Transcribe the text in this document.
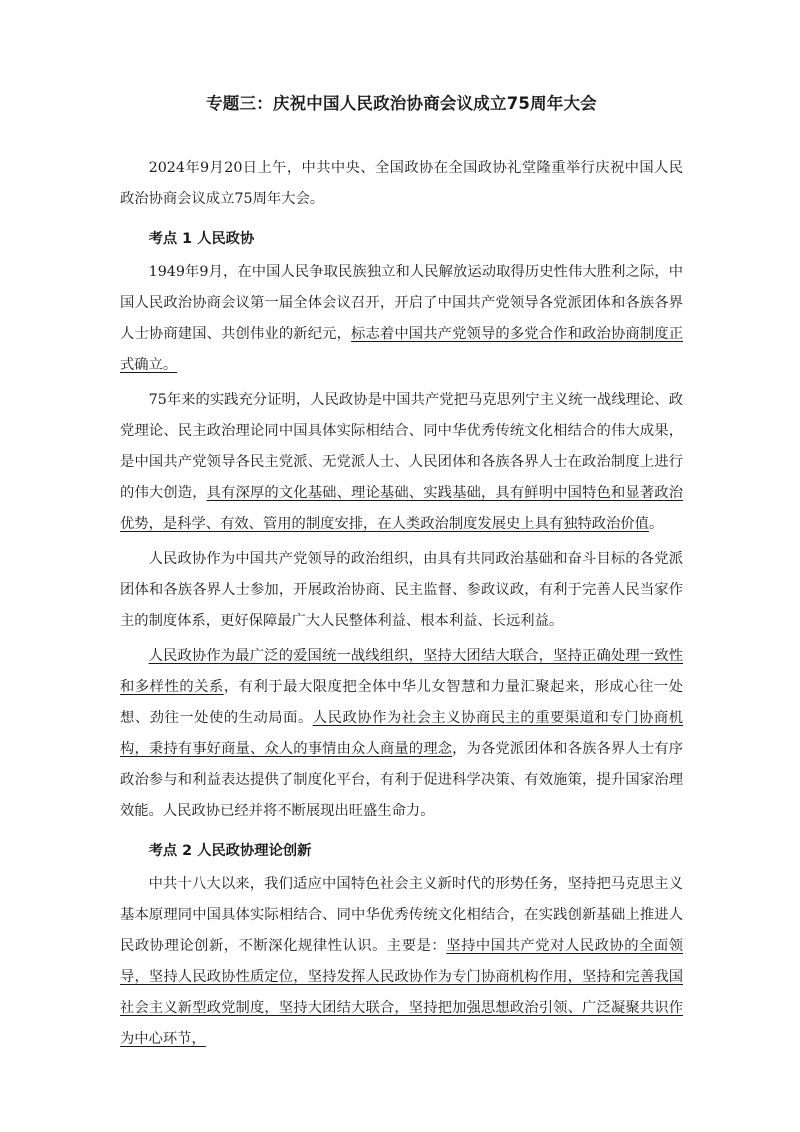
专题三：庆祝中国人民政治协商会议成立75周年大会

2024年9月20日上午，中共中央、全国政协在全国政协礼堂隆重举行庆祝中国人民政治协商会议成立75周年大会。

考点 1 人民政协

1949年9月，在中国人民争取民族独立和人民解放运动取得历史性伟大胜利之际，中国人民政治协商会议第一届全体会议召开，开启了中国共产党领导各党派团体和各族各界人士协商建国、共创伟业的新纪元，标志着中国共产党领导的多党合作和政治协商制度正式确立。

75年来的实践充分证明，人民政协是中国共产党把马克思列宁主义统一战线理论、政党理论、民主政治理论同中国具体实际相结合、同中华优秀传统文化相结合的伟大成果，是中国共产党领导各民主党派、无党派人士、人民团体和各族各界人士在政治制度上进行的伟大创造，具有深厚的文化基础、理论基础、实践基础，具有鲜明中国特色和显著政治优势，是科学、有效、管用的制度安排，在人类政治制度发展史上具有独特政治价值。

人民政协作为中国共产党领导的政治组织，由具有共同政治基础和奋斗目标的各党派团体和各族各界人士参加，开展政治协商、民主监督、参政议政，有利于完善人民当家作主的制度体系，更好保障最广大人民整体利益、根本利益、长远利益。

人民政协作为最广泛的爱国统一战线组织，坚持大团结大联合，坚持正确处理一致性和多样性的关系，有利于最大限度把全体中华儿女智慧和力量汇聚起来，形成心往一处想、劲往一处使的生动局面。人民政协作为社会主义协商民主的重要渠道和专门协商机构，秉持有事好商量、众人的事情由众人商量的理念，为各党派团体和各族各界人士有序政治参与和利益表达提供了制度化平台，有利于促进科学决策、有效施策，提升国家治理效能。人民政协已经并将不断展现出旺盛生命力。

考点 2 人民政协理论创新

中共十八大以来，我们适应中国特色社会主义新时代的形势任务，坚持把马克思主义基本原理同中国具体实际相结合、同中华优秀传统文化相结合，在实践创新基础上推进人民政协理论创新，不断深化规律性认识。主要是：坚持中国共产党对人民政协的全面领导，坚持人民政协性质定位，坚持发挥人民政协作为专门协商机构作用，坚持和完善我国社会主义新型政党制度，坚持大团结大联合，坚持把加强思想政治引领、广泛凝聚共识作为中心环节，
